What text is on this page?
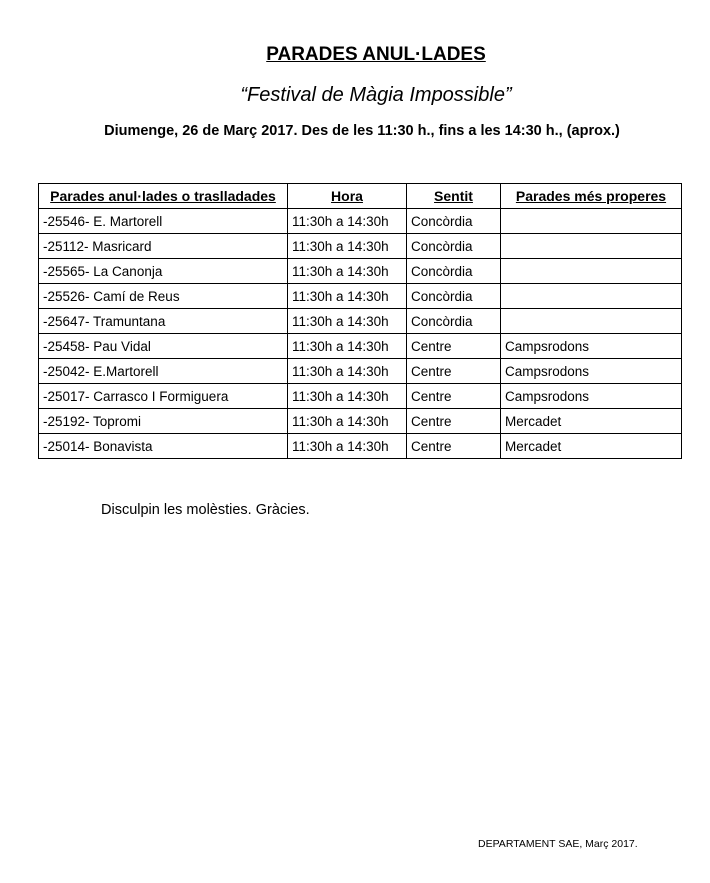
PARADES ANUL·LADES
“Festival de Màgia Impossible”
Diumenge, 26 de Març 2017. Des de les 11:30 h., fins a les 14:30 h., (aprox.)
Parades anul·lades o traslladades	Hora	Sentit	Parades més properes
-25546- E. Martorell	11:30h a 14:30h	Concòrdia	
-25112- Masricard	11:30h a 14:30h	Concòrdia	
-25565- La Canonja	11:30h a 14:30h	Concòrdia	
-25526- Camí de Reus	11:30h a 14:30h	Concòrdia	
-25647- Tramuntana	11:30h a 14:30h	Concòrdia	
-25458- Pau Vidal	11:30h a 14:30h	Centre	Campsrodons
-25042- E.Martorell	11:30h a 14:30h	Centre	Campsrodons
-25017- Carrasco I Formiguera	11:30h a 14:30h	Centre	Campsrodons
-25192- Topromi	11:30h a 14:30h	Centre	Mercadet
-25014- Bonavista	11:30h a 14:30h	Centre	Mercadet
Disculpin les molèsties. Gràcies.
DEPARTAMENT SAE, Març 2017.
